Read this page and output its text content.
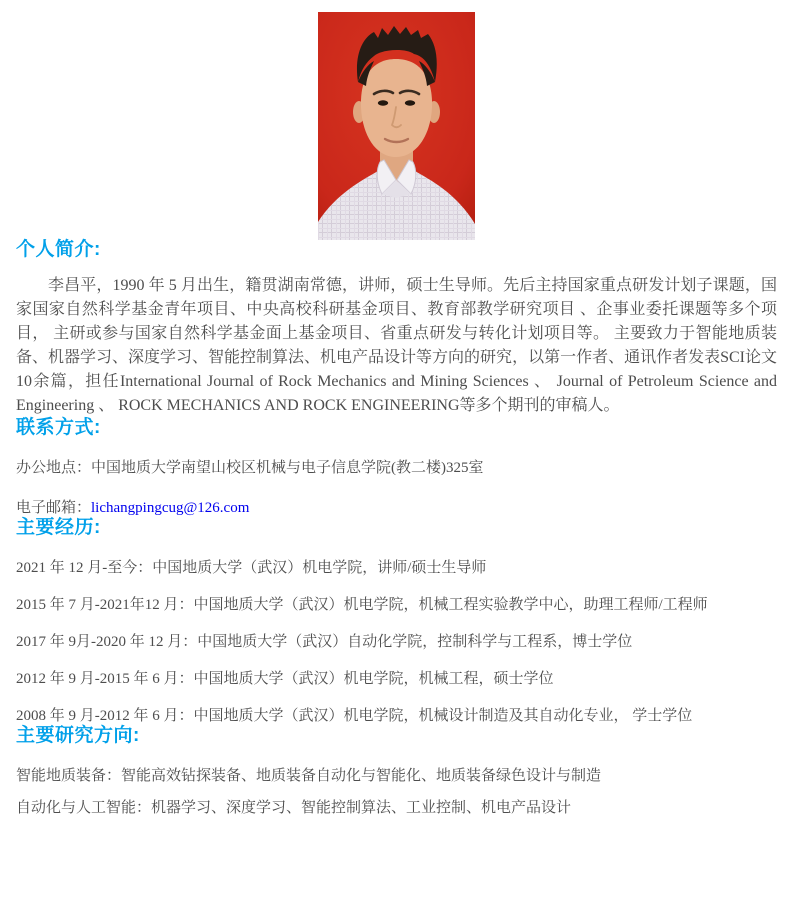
个人简介:

李昌平，1990 年 5 月出生，籍贯湖南常德，讲师，硕士生导师。先后主持国家重点研发计划子课题，国家国家自然科学基金青年项目、中央高校科研基金项目、教育部教学研究项目 、企事业委托课题等多个项目， 主研或参与国家自然科学基金面上基金项目、省重点研发与转化计划项目等。 主要致力于智能地质装备、机器学习、深度学习、智能控制算法、机电产品设计等方向的研究，以第一作者、通讯作者发表SCI论文10余篇，担任International Journal of Rock Mechanics and Mining Sciences 、 Journal of Petroleum Science and Engineering 、 ROCK MECHANICS AND ROCK ENGINEERING等多个期刊的审稿人。

联系方式:

办公地点：中国地质大学南望山校区机械与电子信息学院(教二楼)325室

电子邮箱：lichangpingcug@126.com

主要经历:

2021 年 12 月-至今：中国地质大学（武汉）机电学院，讲师/硕士生导师

2015 年 7 月-2021年12 月：中国地质大学（武汉）机电学院，机械工程实验教学中心，助理工程师/工程师

2017 年 9月-2020 年 12 月：中国地质大学（武汉）自动化学院，控制科学与工程系，博士学位

2012 年 9 月-2015 年 6 月：中国地质大学（武汉）机电学院，机械工程，硕士学位

2008 年 9 月-2012 年 6 月：中国地质大学（武汉）机电学院，机械设计制造及其自动化专业， 学士学位

主要研究方向:

智能地质装备：智能高效钻探装备、地质装备自动化与智能化、地质装备绿色设计与制造

自动化与人工智能：机器学习、深度学习、智能控制算法、工业控制、机电产品设计
